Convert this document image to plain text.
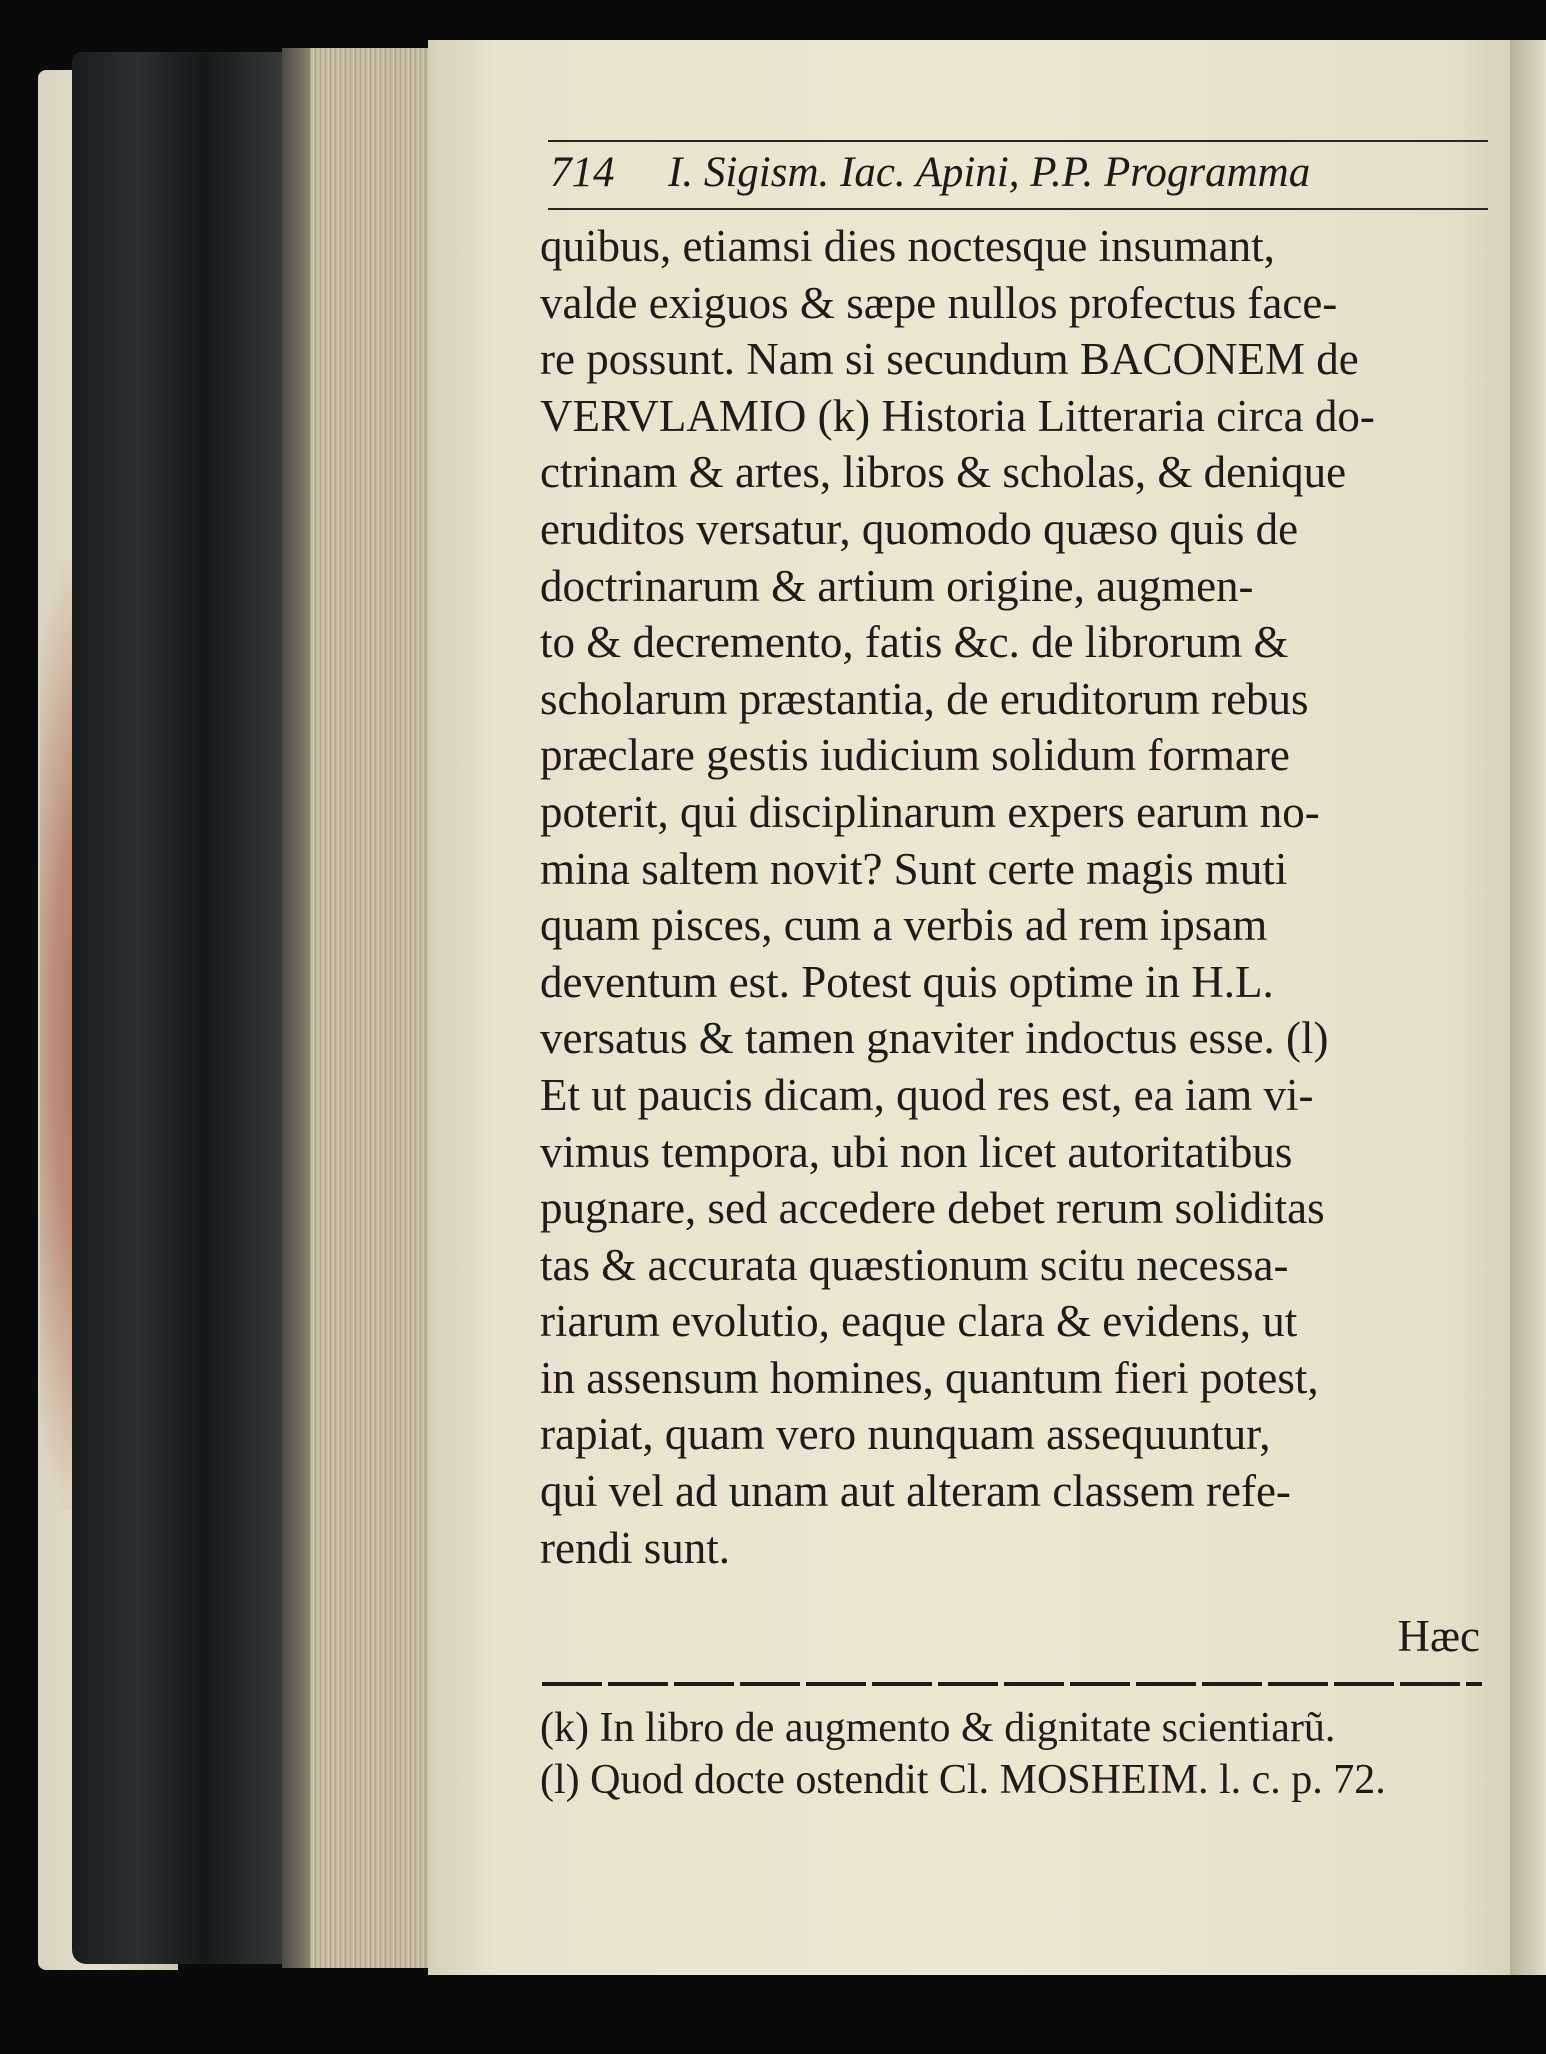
714 I. Sigism. Iac. Apini, P.P. Programma
quibus, etiamsi dies noctesque insumant,
valde exiguos & sæpe nullos profectus face-
re possunt. Nam si secundum BACONEM de
VERVLAMIO (k) Historia Litteraria circa do-
ctrinam & artes, libros & scholas, & denique
eruditos versatur, quomodo quæso quis de
doctrinarum & artium origine, augmen-
to & decremento, fatis &c. de librorum &
scholarum præstantia, de eruditorum rebus
præclare gestis iudicium solidum formare
poterit, qui disciplinarum expers earum no-
mina saltem novit? Sunt certe magis muti
quam pisces, cum a verbis ad rem ipsam
deventum est. Potest quis optime in H.L.
versatus & tamen gnaviter indoctus esse. (l)
Et ut paucis dicam, quod res est, ea iam vi-
vimus tempora, ubi non licet autoritatibus
pugnare, sed accedere debet rerum soliditas
tas & accurata quæstionum scitu necessa-
riarum evolutio, eaque clara & evidens, ut
in assensum homines, quantum fieri potest,
rapiat, quam vero nunquam assequuntur,
qui vel ad unam aut alteram classem refe-
rendi sunt.
Hæc
(k) In libro de augmento & dignitate scientiarũ.
(l) Quod docte ostendit Cl. MOSHEIM. l. c. p. 72.
